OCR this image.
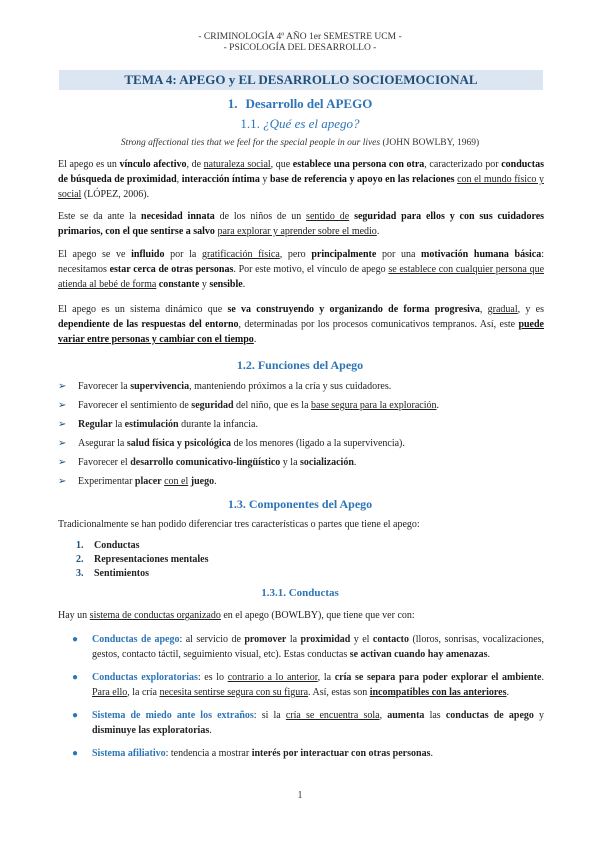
- CRIMINOLOGÍA 4º AÑO 1er SEMESTRE UCM -
- PSICOLOGÍA DEL DESARROLLO -
TEMA 4: APEGO y EL DESARROLLO SOCIOEMOCIONAL
1. Desarrollo del APEGO
1.1. ¿Qué es el apego?
Strong affectional ties that we feel for the special people in our lives (JOHN BOWLBY, 1969)
El apego es un vínculo afectivo, de naturaleza social, que establece una persona con otra, caracterizado por conductas de búsqueda de proximidad, interacción íntima y base de referencia y apoyo en las relaciones con el mundo físico y social (LÓPEZ, 2006).
Este se da ante la necesidad innata de los niños de un sentido de seguridad para ellos y con sus cuidadores primarios, con el que sentirse a salvo para explorar y aprender sobre el medio.
El apego se ve influido por la gratificación física, pero principalmente por una motivación humana básica: necesitamos estar cerca de otras personas. Por este motivo, el vínculo de apego se establece con cualquier persona que atienda al bebé de forma constante y sensible.
El apego es un sistema dinámico que se va construyendo y organizando de forma progresiva, gradual, y es dependiente de las respuestas del entorno, determinadas por los procesos comunicativos tempranos. Así, este puede variar entre personas y cambiar con el tiempo.
1.2. Funciones del Apego
➢ Favorecer la supervivencia, manteniendo próximos a la cría y sus cuidadores.
➢ Favorecer el sentimiento de seguridad del niño, que es la base segura para la exploración.
➢ Regular la estimulación durante la infancia.
➢ Asegurar la salud física y psicológica de los menores (ligado a la supervivencia).
➢ Favorecer el desarrollo comunicativo-lingüístico y la socialización.
➢ Experimentar placer con el juego.
1.3. Componentes del Apego
Tradicionalmente se han podido diferenciar tres características o partes que tiene el apego:
1. Conductas
2. Representaciones mentales
3. Sentimientos
1.3.1. Conductas
Hay un sistema de conductas organizado en el apego (BOWLBY), que tiene que ver con:
● Conductas de apego: al servicio de promover la proximidad y el contacto (lloros, sonrisas, vocalizaciones, gestos, contacto táctil, seguimiento visual, etc). Estas conductas se activan cuando hay amenazas.
● Conductas exploratorias: es lo contrario a lo anterior, la cría se separa para poder explorar el ambiente. Para ello, la cría necesita sentirse segura con su figura. Así, estas son incompatibles con las anteriores.
● Sistema de miedo ante los extraños: si la cría se encuentra sola, aumenta las conductas de apego y disminuye las exploratorias.
● Sistema afiliativo: tendencia a mostrar interés por interactuar con otras personas.
1
